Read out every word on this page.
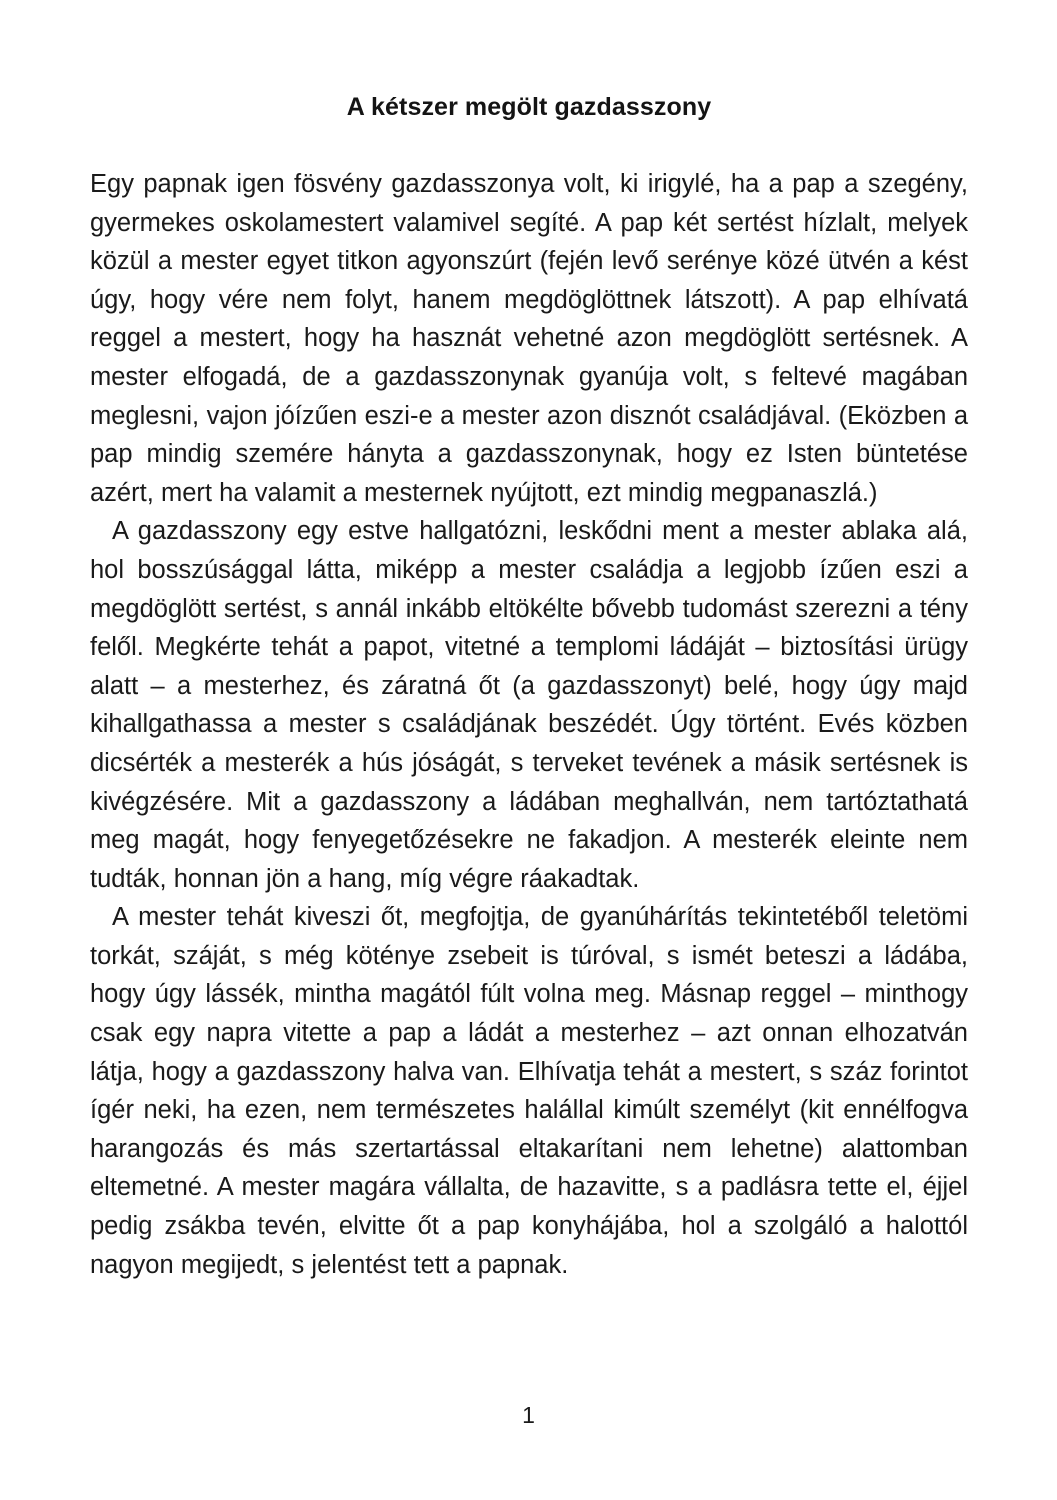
A kétszer megölt gazdasszony

Egy papnak igen fösvény gazdasszonya volt, ki irigylé, ha a pap a szegény, gyermekes oskolamestert valamivel segíté. A pap két sertést hízlalt, melyek közül a mester egyet titkon agyonszúrt (fején levő serénye közé ütvén a kést úgy, hogy vére nem folyt, hanem megdöglöttnek látszott). A pap elhívatá reggel a mestert, hogy ha hasznát vehetné azon megdöglött sertésnek. A mester elfogadá, de a gazdasszonynak gyanúja volt, s feltevé magában meglesni, vajon jóízűen eszi-e a mester azon disznót családjával. (Eközben a pap mindig szemére hányta a gazdasszonynak, hogy ez Isten büntetése azért, mert ha valamit a mesternek nyújtott, ezt mindig megpanaszlá.)

A gazdasszony egy estve hallgatózni, leskődni ment a mester ablaka alá, hol bosszúsággal látta, miképp a mester családja a legjobb ízűen eszi a megdöglött sertést, s annál inkább eltökélte bővebb tudomást szerezni a tény felől. Megkérte tehát a papot, vitetné a templomi ládáját – biztosítási ürügy alatt – a mesterhez, és záratná őt (a gazdasszonyt) belé, hogy úgy majd kihallgathassa a mester s családjának beszédét. Úgy történt. Evés közben dicsérték a mesterék a hús jóságát, s terveket tevének a másik sertésnek is kivégzésére. Mit a gazdasszony a ládában meghallván, nem tartóztathatá meg magát, hogy fenyegetőzésekre ne fakadjon. A mesterék eleinte nem tudták, honnan jön a hang, míg végre ráakadtak.

A mester tehát kiveszi őt, megfojtja, de gyanúhárítás tekintetéből teletömi torkát, száját, s még köténye zsebeit is túróval, s ismét beteszi a ládába, hogy úgy lássék, mintha magától fúlt volna meg. Másnap reggel – minthogy csak egy napra vitette a pap a ládát a mesterhez – azt onnan elhozatván látja, hogy a gazdasszony halva van. Elhívatja tehát a mestert, s száz forintot ígér neki, ha ezen, nem természetes halállal kimúlt személyt (kit ennélfogva harangozás és más szertartással eltakarítani nem lehetne) alattomban eltemetné. A mester magára vállalta, de hazavitte, s a padlásra tette el, éjjel pedig zsákba tevén, elvitte őt a pap konyhájába, hol a szolgáló a halottól nagyon megijedt, s jelentést tett a papnak.

1
